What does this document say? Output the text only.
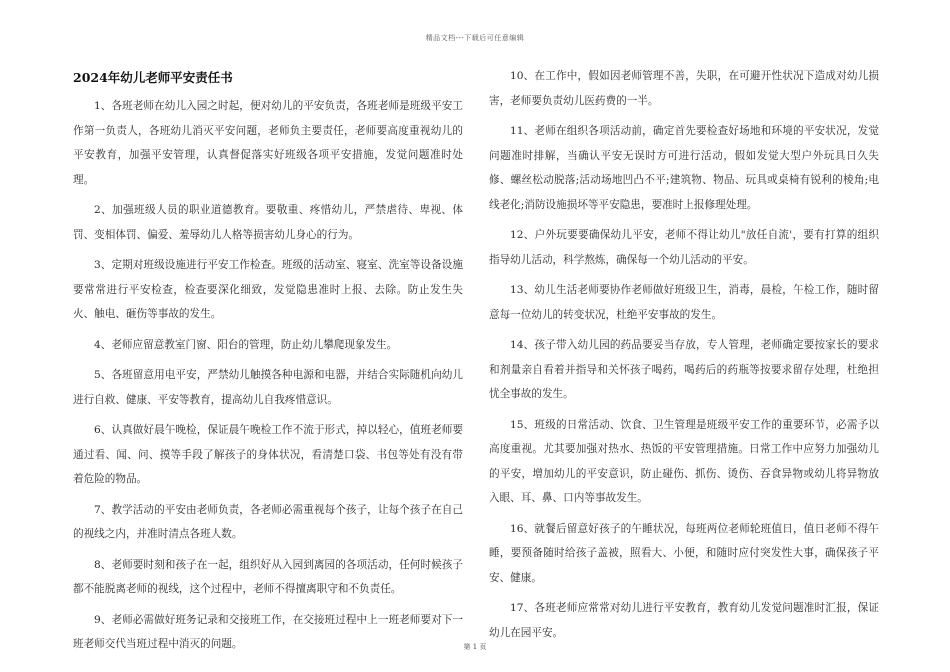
精品文档---下载后可任意编辑
2024年幼儿老师平安责任书

1、各班老师在幼儿入园之时起，便对幼儿的平安负责，各班老师是班级平安工作第一负责人，各班幼儿消灭平安问题，老师负主要责任，老师要高度重视幼儿的平安教育，加强平安管理，认真督促落实好班级各项平安措施，发觉问题准时处理。

2、加强班级人员的职业道德教育。要敬重、疼惜幼儿，严禁虐待、卑视、体罚、变相体罚、偏爱、羞辱幼儿人格等损害幼儿身心的行为。

3、定期对班级设施进行平安工作检查。班级的活动室、寝室、洗室等设备设施要常常进行平安检查，检查要深化细致，发觉隐患准时上报、去除。防止发生失火、触电、砸伤等事故的发生。

4、老师应留意教室门窗、阳台的管理，防止幼儿攀爬现象发生。

5、各班留意用电平安，严禁幼儿触摸各种电源和电器，并结合实际随机向幼儿进行自救、健康、平安等教育，提高幼儿自我疼惜意识。

6、认真做好晨午晚检，保证晨午晚检工作不流于形式，掉以轻心，值班老师要通过看、闻、问、摸等手段了解孩子的身体状况，看清楚口袋、书包等处有没有带着危险的物品。

7、教学活动的平安由老师负责，各老师必需重视每个孩子，让每个孩子在自己的视线之内，并准时清点各班人数。

8、老师要时刻和孩子在一起，组织好从入园到离园的各项活动，任何时候孩子都不能脱离老师的视线，这个过程中，老师不得擅离职守和不负责任。

9、老师必需做好班务记录和交接班工作，在交接班过程中上一班老师要对下一班老师交代当班过程中消灭的问题。

10、在工作中，假如因老师管理不善，失职，在可避开性状况下造成对幼儿损害，老师要负责幼儿医药费的一半。

11、老师在组织各项活动前，确定首先要检查好场地和环境的平安状况，发觉问题准时排解，当确认平安无误时方可进行活动，假如发觉大型户外玩具日久失修、螺丝松动脱落;活动场地凹凸不平;建筑物、物品、玩具或桌椅有锐利的棱角;电线老化;消防设施损坏等平安隐患，要准时上报修理处理。

12、户外玩要要确保幼儿平安，老师不得让幼儿"放任自流'，要有打算的组织指导幼儿活动，科学熬炼，确保每一个幼儿活动的平安。

13、幼儿生活老师要协作老师做好班级卫生，消毒，晨检，午检工作，随时留意每一位幼儿的转变状况，杜绝平安事故的发生。

14、孩子带入幼儿园的药品要妥当存放，专人管理，老师确定要按家长的要求和剂量亲自看着并指导和关怀孩子喝药，喝药后的药瓶等按要求留存处理，杜绝担忧全事故的发生。

15、班级的日常活动、饮食、卫生管理是班级平安工作的重要环节，必需予以高度重视。尤其要加强对热水、热饭的平安管理措施。日常工作中应努力加强幼儿的平安，增加幼儿的平安意识，防止碰伤、抓伤、烫伤、吞食异物或幼儿将异物放入眼、耳、鼻、口内等事故发生。

16、就餐后留意好孩子的午睡状况，每班两位老师轮班值日，值日老师不得午睡，要预备随时给孩子盖被，照看大、小便，和随时应付突发性大事，确保孩子平安、健康。

17、各班老师应常常对幼儿进行平安教育，教育幼儿发觉问题准时汇报，保证幼儿在园平安。

第 1 页
